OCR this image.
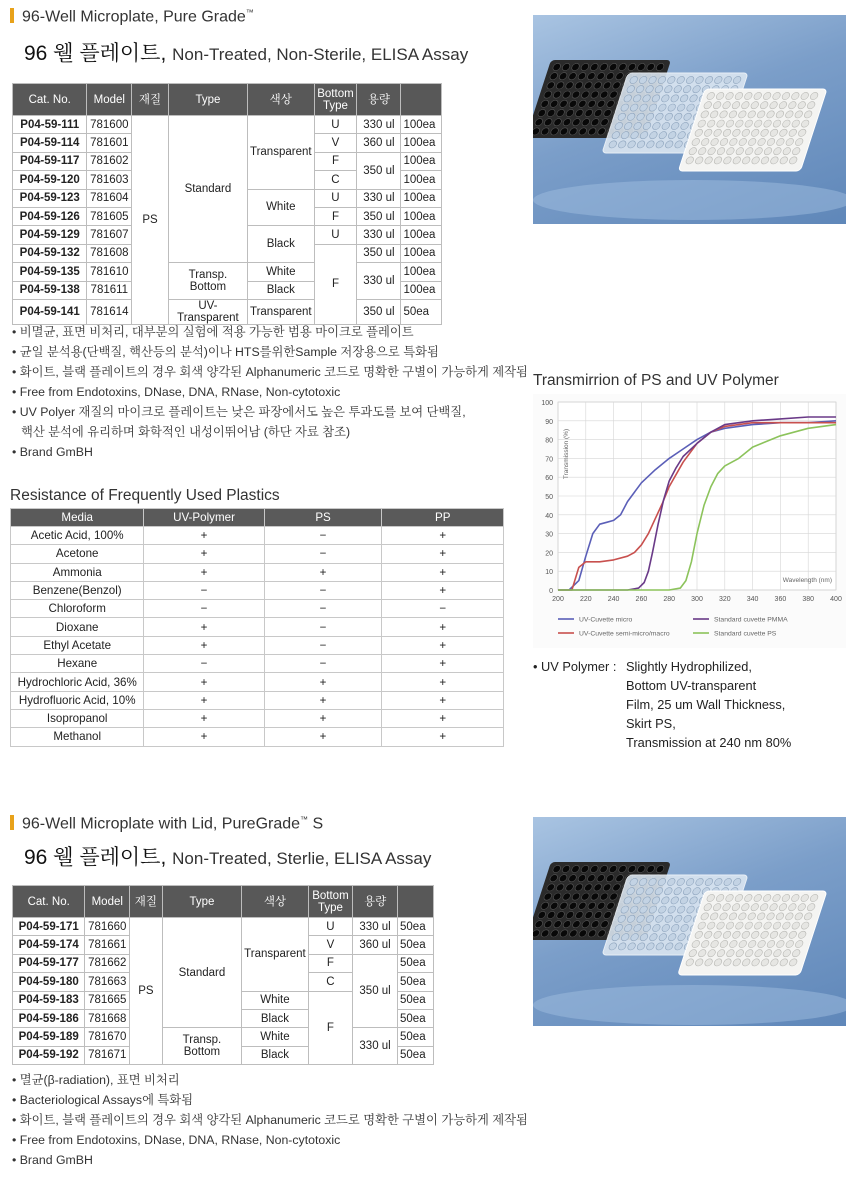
96-Well Microplate, Pure Grade™
96 웰 플레이트, Non-Treated, Non-Sterile, ELISA Assay
Cat. No.	Model	재질	Type	색상	Bottom Type	용량	
P04-59-111	781600	PS	Standard	Transparent	U	330 ul	100ea
P04-59-114	781601				V	360 ul	100ea
P04-59-117	781602				F	350 ul	100ea
P04-59-120	781603				C		100ea
P04-59-123	781604			White	U	330 ul	100ea
P04-59-126	781605				F	350 ul	100ea
P04-59-129	781607			Black	U	330 ul	100ea
P04-59-132	781608				F	350 ul	100ea
P04-59-135	781610		Transp.
Bottom	White		330 ul	100ea
P04-59-138	781611			Black			100ea
P04-59-141	781614		UV-Transparent	Transparent		350 ul	50ea
• 비멸균, 표면 비처리, 대부분의 실험에 적용 가능한 범용 마이크로 플레이트
• 균일 분석용(단백질, 핵산등의 분석)이나 HTS를위한Sample 저장용으로 특화됨
• 화이트, 블랙 플레이트의 경우 회색 양각된 Alphanumeric 코드로 명확한 구별이 가능하게 제작됨
• Free from Endotoxins, DNase, DNA, RNase, Non-cytotoxic
• UV Polyer 재질의 마이크로 플레이트는 낮은 파장에서도 높은 투과도를 보여 단백질,
핵산 분석에 유리하며 화학적인 내성이뛰어남 (하단 자료 참조)
• Brand GmBH
Resistance of Frequently Used Plastics
Media	UV-Polymer	PS	PP
Acetic Acid, 100%	+	−	+
Acetone	+	−	+
Ammonia	+	+	+
Benzene(Benzol)	−	−	+
Chloroform	−	−	−
Dioxane	+	−	+
Ethyl Acetate	+	−	+
Hexane	−	−	+
Hydrochloric Acid, 36%	+	+	+
Hydrofluoric Acid, 10%	+	+	+
Isopropanol	+	+	+
Methanol	+	+	+
Transmirrion of PS and UV Polymer
0
10
20
30
40
50
60
70
80
90
100
200 220 240 260 280 300 320 340 360 380 400
Transmission (%)
Wavelength (nm)
UV-Cuvette micro
UV-Cuvette semi-micro/macro
Standard cuvette PMMA
Standard cuvette PS
• UV Polymer :
Bottom UV-transparent
Film, 25 um Wall Thickness,
Skirt PS,
Transmission at 240 nm 80%
Slightly Hydrophilized,
96-Well Microplate with Lid, PureGrade™ S
96 웰 플레이트, Non-Treated, Sterlie, ELISA Assay
Cat. No.	Model	재질	Type	색상	Bottom Type	용량	
P04-59-171	781660	PS	Standard	Transparent	U	330 ul	50ea
P04-59-174	781661				V	360 ul	50ea
P04-59-177	781662				F	350 ul	50ea
P04-59-180	781663				C		50ea
P04-59-183	781665			White	F		50ea
P04-59-186	781668			Black			50ea
P04-59-189	781670		Transp.
Bottom	White		330 ul	50ea
P04-59-192	781671			Black			50ea
• 멸균(β-radiation), 표면 비처리
• Bacteriological Assays에 특화됨
• 화이트, 블랙 플레이트의 경우 회색 양각된 Alphanumeric 코드로 명확한 구별이 가능하게 제작됨
• Free from Endotoxins, DNase, DNA, RNase, Non-cytotoxic
• Brand GmBH
